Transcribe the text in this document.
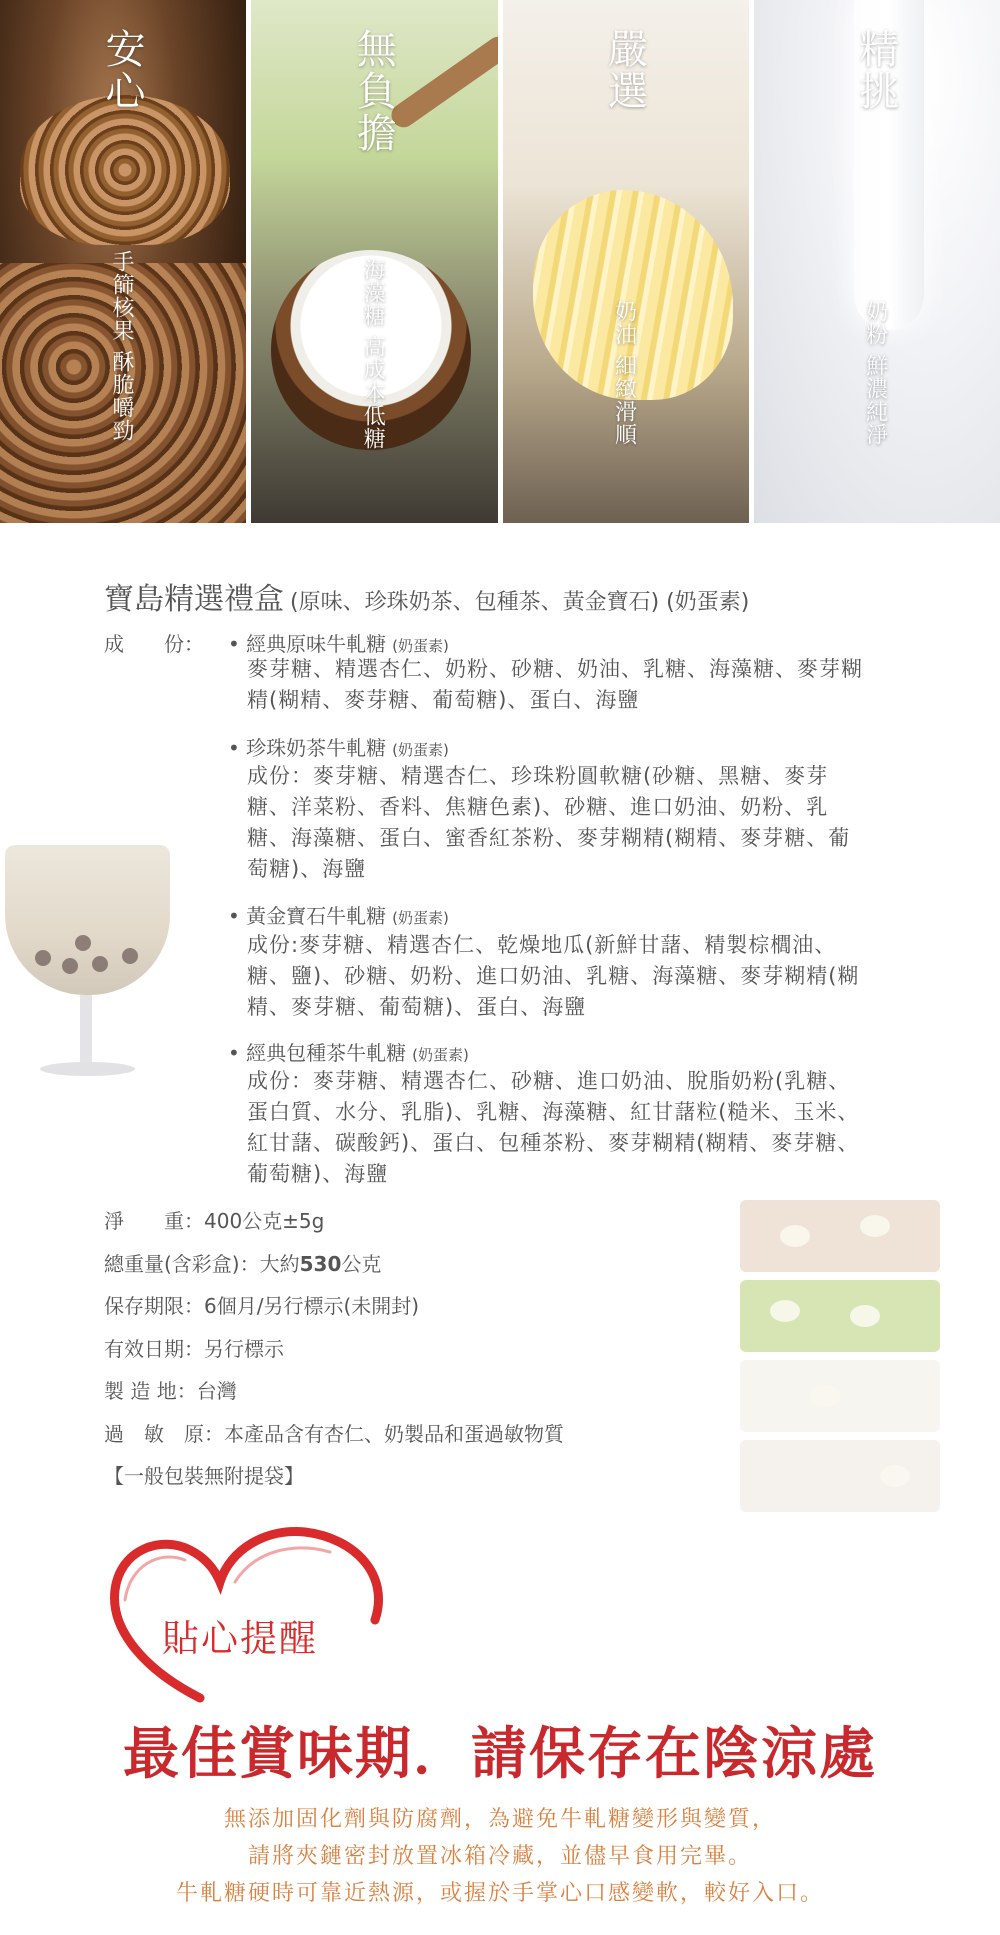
安心
手篩核果 酥脆嚼勁
無負擔
海藻糖 高成本低糖
嚴選
奶油 細緻滑順
精挑
奶粉 鮮濃純淨
寶島精選禮盒 (原味、珍珠奶茶、包種茶、黃金寶石) (奶蛋素)
成　　份： • 經典原味牛軋糖 (奶蛋素)
麥芽糖、精選杏仁、奶粉、砂糖、奶油、乳糖、海藻糖、麥芽糊
精(糊精、麥芽糖、葡萄糖)、蛋白、海鹽
• 珍珠奶茶牛軋糖 (奶蛋素)
成份：麥芽糖、精選杏仁、珍珠粉圓軟糖(砂糖、黑糖、麥芽
糖、洋菜粉、香料、焦糖色素)、砂糖、進口奶油、奶粉、乳
糖、海藻糖、蛋白、蜜香紅茶粉、麥芽糊精(糊精、麥芽糖、葡
萄糖)、海鹽
• 黃金寶石牛軋糖 (奶蛋素)
成份:麥芽糖、精選杏仁、乾燥地瓜(新鮮甘藷、精製棕櫚油、
糖、鹽)、砂糖、奶粉、進口奶油、乳糖、海藻糖、麥芽糊精(糊
精、麥芽糖、葡萄糖)、蛋白、海鹽
• 經典包種茶牛軋糖 (奶蛋素)
成份：麥芽糖、精選杏仁、砂糖、進口奶油、脫脂奶粉(乳糖、
蛋白質、水分、乳脂)、乳糖、海藻糖、紅甘藷粒(糙米、玉米、
紅甘藷、碳酸鈣)、蛋白、包種茶粉、麥芽糊精(糊精、麥芽糖、
葡萄糖)、海鹽
淨　　重：400公克±5g
總重量(含彩盒)：大約530公克
保存期限：6個月/另行標示(未開封)
有效日期：另行標示
製 造 地：台灣
過　敏　原：本產品含有杏仁、奶製品和蛋過敏物質
【一般包裝無附提袋】
貼心提醒
最佳賞味期．請保存在陰涼處
無添加固化劑與防腐劑，為避免牛軋糖變形與變質，
請將夾鏈密封放置冰箱冷藏，並儘早食用完畢。
牛軋糖硬時可靠近熱源，或握於手掌心口感變軟，較好入口。
